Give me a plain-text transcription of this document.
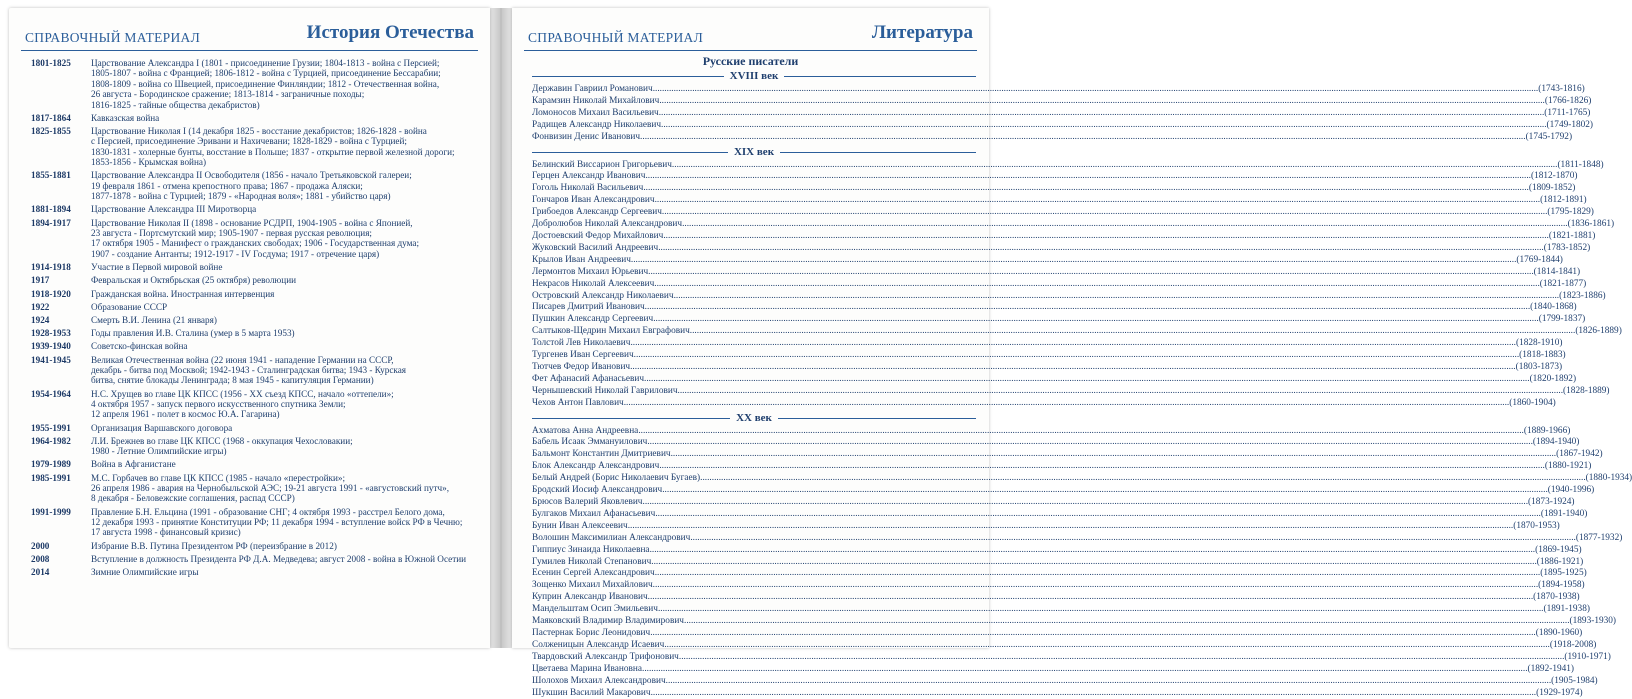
СПРАВОЧНЫЙ МАТЕРИАЛ	История Отечества
1801-1825	Царствование Александра I (1801 - присоединение Грузии; 1804-1813 - война с Персией;
1805-1807 - война с Францией; 1806-1812 - война с Турцией, присоединение Бессарабии;
1808-1809 - война со Швецией, присоединение Финляндии; 1812 - Отечественная война,
26 августа - Бородинское сражение; 1813-1814 - заграничные походы;
1816-1825 - тайные общества декабристов)
1817-1864	Кавказская война
1825-1855	Царствование Николая I (14 декабря 1825 - восстание декабристов; 1826-1828 - война
с Персией, присоединение Эривани и Нахичевани; 1828-1829 - война с Турцией;
1830-1831 - холерные бунты, восстание в Польше; 1837 - открытие первой железной дороги;
1853-1856 - Крымская война)
1855-1881	Царствование Александра II Освободителя (1856 - начало Третьяковской галереи;
19 февраля 1861 - отмена крепостного права; 1867 - продажа Аляски;
1877-1878 - война с Турцией; 1879 - «Народная воля»; 1881 - убийство царя)
1881-1894	Царствование Александра III Миротворца
1894-1917	Царствование Николая II (1898 - основание РСДРП, 1904-1905 - война с Японией,
23 августа - Портсмутский мир; 1905-1907 - первая русская революция;
17 октября 1905 - Манифест о гражданских свободах; 1906 - Государственная дума;
1907 - создание Антанты; 1912-1917 - IV Госдума; 1917 - отречение царя)
1914-1918	Участие в Первой мировой войне
1917	Февральская и Октябрьская (25 октября) революции
1918-1920	Гражданская война. Иностранная интервенция
1922	Образование СССР
1924	Смерть В.И. Ленина (21 января)
1928-1953	Годы правления И.В. Сталина (умер в 5 марта 1953)
1939-1940	Советско-финская война
1941-1945	Великая Отечественная война (22 июня 1941 - нападение Германии на СССР,
декабрь - битва под Москвой; 1942-1943 - Сталинградская битва; 1943 - Курская
битва, снятие блокады Ленинграда; 8 мая 1945 - капитуляция Германии)
1954-1964	Н.С. Хрущев во главе ЦК КПСС (1956 - XX съезд КПСС, начало «оттепели»;
4 октября 1957 - запуск первого искусственного спутника Земли;
12 апреля 1961 - полет в космос Ю.А. Гагарина)
1955-1991	Организация Варшавского договора
1964-1982	Л.И. Брежнев во главе ЦК КПСС (1968 - оккупация Чехословакии;
1980 - Летние Олимпийские игры)
1979-1989	Война в Афганистане
1985-1991	М.С. Горбачев во главе ЦК КПСС (1985 - начало «перестройки»;
26 апреля 1986 - авария на Чернобыльской АЭС; 19-21 августа 1991 - «августовский путч»,
8 декабря - Беловежские соглашения, распад СССР)
1991-1999	Правление Б.Н. Ельцина (1991 - образование СНГ; 4 октября 1993 - расстрел Белого дома,
12 декабря 1993 - принятие Конституции РФ; 11 декабря 1994 - вступление войск РФ в Чечню;
17 августа 1998 - финансовый кризис)
2000	Избрание В.В. Путина Президентом РФ (переизбрание в 2012)
2008	Вступление в должность Президента РФ Д.А. Медведева; август 2008 - война в Южной Осетии
2014	Зимние Олимпийские игры
СПРАВОЧНЫЙ МАТЕРИАЛ	Литература
Русские писатели
XVIII век
Державин Гавриил Романович .....	(1743-1816)
Карамзин Николай Михайлович .....	(1766-1826)
Ломоносов Михаил Васильевич .....	(1711-1765)
Радищев Александр Николаевич .....	(1749-1802)
Фонвизин Денис Иванович .....	(1745-1792)
XIX век
Белинский Виссарион Григорьевич .....	(1811-1848)
Герцен Александр Иванович .....	(1812-1870)
Гоголь Николай Васильевич .....	(1809-1852)
Гончаров Иван Александрович .....	(1812-1891)
Грибоедов Александр Сергеевич .....	(1795-1829)
Добролюбов Николай Александрович .....	(1836-1861)
Достоевский Федор Михайлович .....	(1821-1881)
Жуковский Василий Андреевич .....	(1783-1852)
Крылов Иван Андреевич .....	(1769-1844)
Лермонтов Михаил Юрьевич .....	(1814-1841)
Некрасов Николай Алексеевич .....	(1821-1877)
Островский Александр Николаевич .....	(1823-1886)
Писарев Дмитрий Иванович .....	(1840-1868)
Пушкин Александр Сергеевич .....	(1799-1837)
Салтыков-Щедрин Михаил Евграфович .....	(1826-1889)
Толстой Лев Николаевич .....	(1828-1910)
Тургенев Иван Сергеевич .....	(1818-1883)
Тютчев Федор Иванович .....	(1803-1873)
Фет Афанасий Афанасьевич .....	(1820-1892)
Чернышевский Николай Гаврилович .....	(1828-1889)
Чехов Антон Павлович .....	(1860-1904)
XX век
Ахматова Анна Андреевна .....	(1889-1966)
Бабель Исаак Эммануилович .....	(1894-1940)
Бальмонт Константин Дмитриевич .....	(1867-1942)
Блок Александр Александрович .....	(1880-1921)
Белый Андрей (Борис Николаевич Бугаев) .....	(1880-1934)
Бродский Иосиф Александрович .....	(1940-1996)
Брюсов Валерий Яковлевич .....	(1873-1924)
Булгаков Михаил Афанасьевич .....	(1891-1940)
Бунин Иван Алексеевич .....	(1870-1953)
Волошин Максимилиан Александрович .....	(1877-1932)
Гиппиус Зинаида Николаевна .....	(1869-1945)
Гумилев Николай Степанович .....	(1886-1921)
Есенин Сергей Александрович .....	(1895-1925)
Зощенко Михаил Михайлович .....	(1894-1958)
Куприн Александр Иванович .....	(1870-1938)
Мандельштам Осип Эмильевич .....	(1891-1938)
Маяковский Владимир Владимирович .....	(1893-1930)
Пастернак Борис Леонидович .....	(1890-1960)
Солженицын Александр Исаевич .....	(1918-2008)
Твардовский Александр Трифонович .....	(1910-1971)
Цветаева Марина Ивановна .....	(1892-1941)
Шолохов Михаил Александрович .....	(1905-1984)
Шукшин Василий Макарович .....	(1929-1974)
